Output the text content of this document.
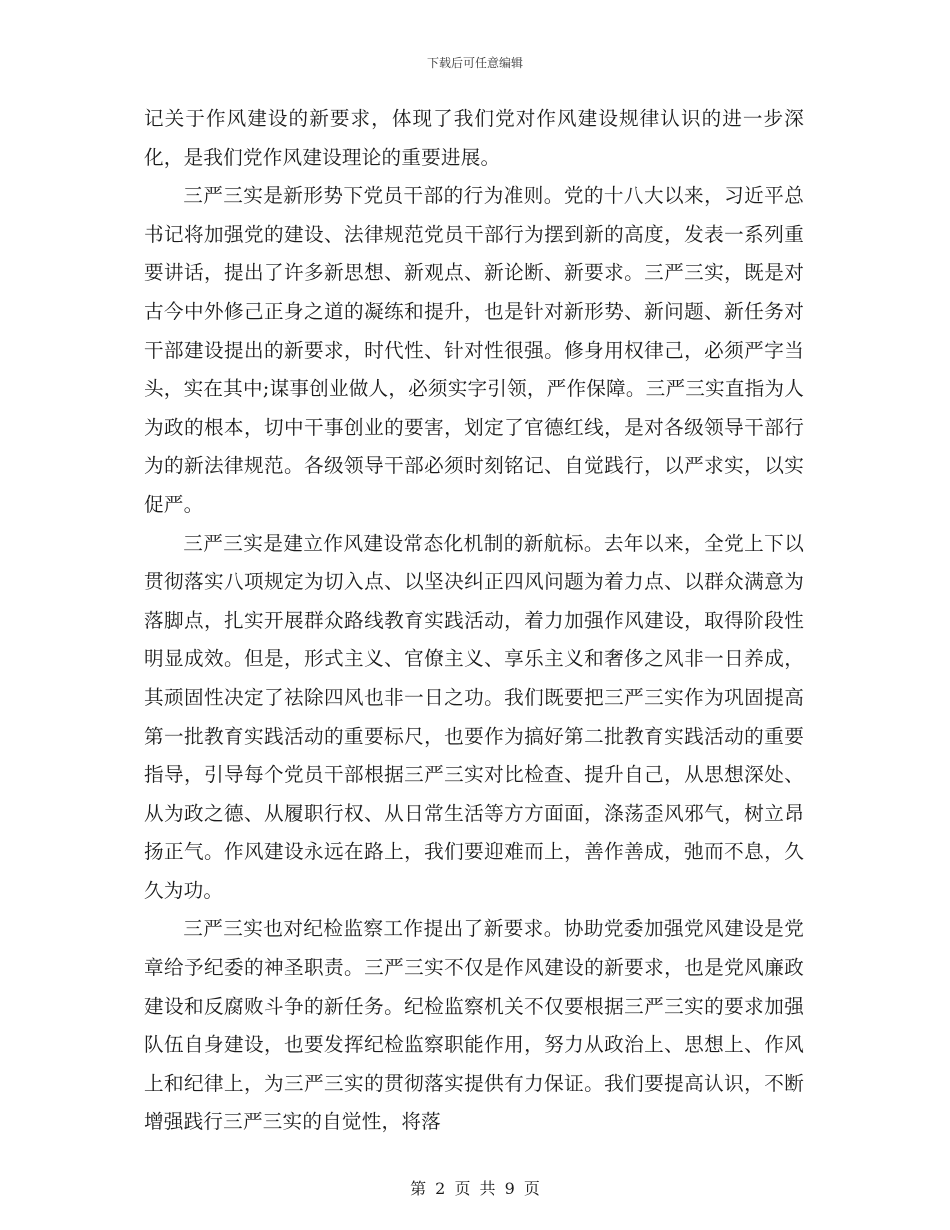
下载后可任意编辑

记关于作风建设的新要求，体现了我们党对作风建设规律认识的进一步深化，是我们党作风建设理论的重要进展。

三严三实是新形势下党员干部的行为准则。党的十八大以来，习近平总书记将加强党的建设、法律规范党员干部行为摆到新的高度，发表一系列重要讲话，提出了许多新思想、新观点、新论断、新要求。三严三实，既是对古今中外修己正身之道的凝练和提升，也是针对新形势、新问题、新任务对干部建设提出的新要求，时代性、针对性很强。修身用权律己，必须严字当头，实在其中;谋事创业做人，必须实字引领，严作保障。三严三实直指为人为政的根本，切中干事创业的要害，划定了官德红线，是对各级领导干部行为的新法律规范。各级领导干部必须时刻铭记、自觉践行，以严求实，以实促严。

三严三实是建立作风建设常态化机制的新航标。去年以来，全党上下以贯彻落实八项规定为切入点、以坚决纠正四风问题为着力点、以群众满意为落脚点，扎实开展群众路线教育实践活动，着力加强作风建设，取得阶段性明显成效。但是，形式主义、官僚主义、享乐主义和奢侈之风非一日养成，其顽固性决定了祛除四风也非一日之功。我们既要把三严三实作为巩固提高第一批教育实践活动的重要标尺，也要作为搞好第二批教育实践活动的重要指导，引导每个党员干部根据三严三实对比检查、提升自己，从思想深处、从为政之德、从履职行权、从日常生活等方方面面，涤荡歪风邪气，树立昂扬正气。作风建设永远在路上，我们要迎难而上，善作善成，弛而不息，久久为功。

三严三实也对纪检监察工作提出了新要求。协助党委加强党风建设是党章给予纪委的神圣职责。三严三实不仅是作风建设的新要求，也是党风廉政建设和反腐败斗争的新任务。纪检监察机关不仅要根据三严三实的要求加强队伍自身建设，也要发挥纪检监察职能作用，努力从政治上、思想上、作风上和纪律上，为三严三实的贯彻落实提供有力保证。我们要提高认识，不断增强践行三严三实的自觉性，将落

第 2 页 共 9 页
